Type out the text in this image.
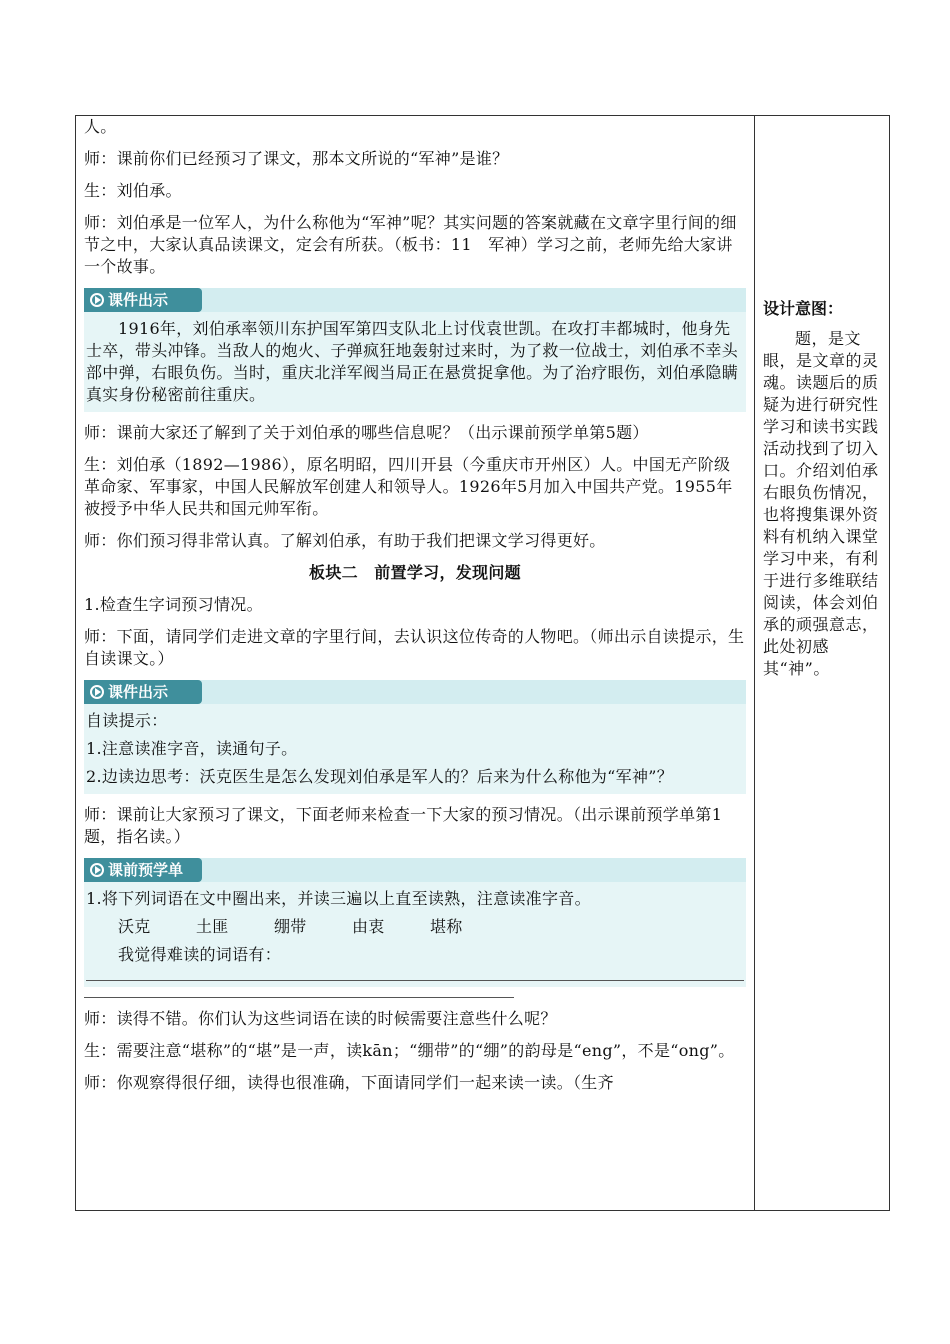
人。

师：课前你们已经预习了课文，那本文所说的“军神”是谁？

生：刘伯承。

师：刘伯承是一位军人，为什么称他为“军神”呢？其实问题的答案就藏在文章字里行间的细节之中，大家认真品读课文，定会有所获。（板书：11　军神）学习之前，老师先给大家讲一个故事。

课件出示

1916年，刘伯承率领川东护国军第四支队北上讨伐袁世凯。在攻打丰都城时，他身先士卒，带头冲锋。当敌人的炮火、子弹疯狂地轰射过来时，为了救一位战士，刘伯承不幸头部中弹，右眼负伤。当时，重庆北洋军阀当局正在悬赏捉拿他。为了治疗眼伤，刘伯承隐瞒真实身份秘密前往重庆。

师：课前大家还了解到了关于刘伯承的哪些信息呢？（出示课前预学单第5题）

生：刘伯承（1892—1986），原名明昭，四川开县（今重庆市开州区）人。中国无产阶级革命家、军事家，中国人民解放军创建人和领导人。1926年5月加入中国共产党。1955年被授予中华人民共和国元帅军衔。

师：你们预习得非常认真。了解刘伯承，有助于我们把课文学习得更好。

板块二　前置学习，发现问题

1.检查生字词预习情况。

师：下面，请同学们走进文章的字里行间，去认识这位传奇的人物吧。（师出示自读提示，生自读课文。）

课件出示

自读提示：

1.注意读准字音，读通句子。

2.边读边思考：沃克医生是怎么发现刘伯承是军人的？后来为什么称他为“军神”？

师：课前让大家预习了课文，下面老师来检查一下大家的预习情况。（出示课前预学单第1题，指名读。）

课前预学单

1.将下列词语在文中圈出来，并读三遍以上直至读熟，注意读准字音。

沃克	土匪	绷带	由衷	堪称

我觉得难读的词语有：

师：读得不错。你们认为这些词语在读的时候需要注意些什么呢？

生：需要注意“堪称”的“堪”是一声，读kān；“绷带”的“绷”的韵母是“eng”，不是“ong”。

师：你观察得很仔细，读得也很准确，下面请同学们一起来读一读。（生齐

设计意图：

题，是文眼，是文章的灵魂。读题后的质疑为进行研究性学习和读书实践活动找到了切入口。介绍刘伯承右眼负伤情况，也将搜集课外资料有机纳入课堂学习中来，有利于进行多维联结阅读，体会刘伯承的顽强意志，此处初感其“神”。
